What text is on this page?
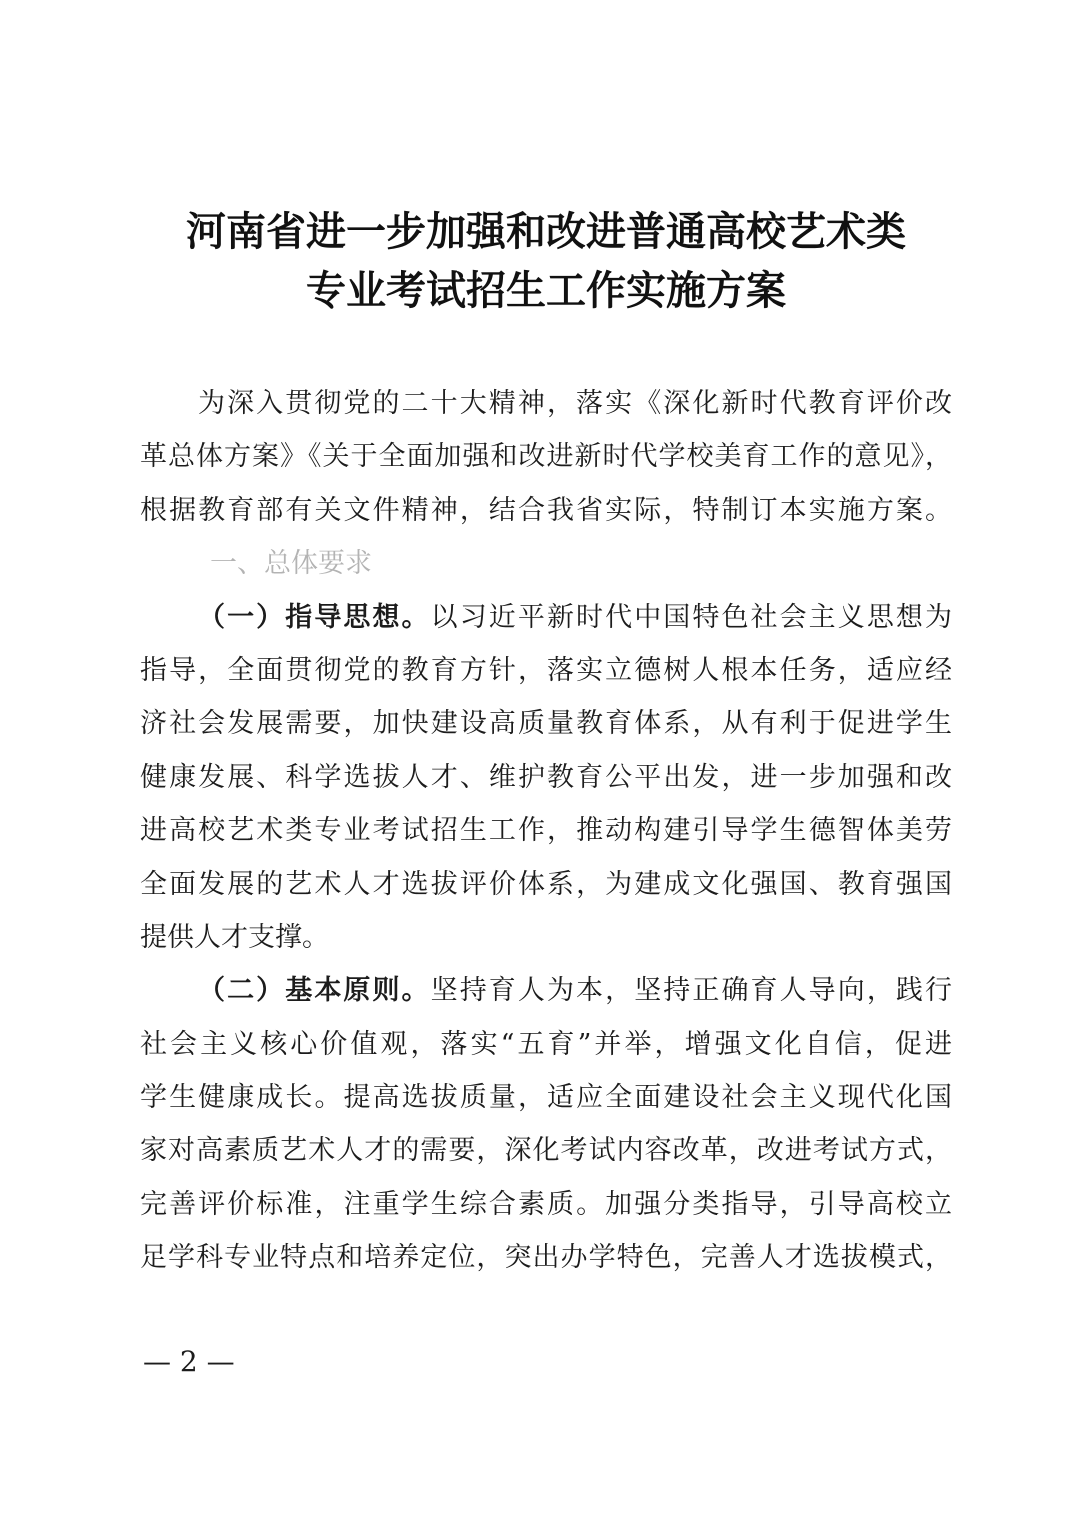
河南省进一步加强和改进普通高校艺术类
专业考试招生工作实施方案
为深入贯彻党的二十大精神，落实《深化新时代教育评价改
革总体方案》《关于全面加强和改进新时代学校美育工作的意见》，
根据教育部有关文件精神，结合我省实际，特制订本实施方案。
一、总体要求
（一）指导思想。以习近平新时代中国特色社会主义思想为
指导，全面贯彻党的教育方针，落实立德树人根本任务，适应经
济社会发展需要，加快建设高质量教育体系，从有利于促进学生
健康发展、科学选拔人才、维护教育公平出发，进一步加强和改
进高校艺术类专业考试招生工作，推动构建引导学生德智体美劳
全面发展的艺术人才选拔评价体系，为建成文化强国、教育强国
提供人才支撑。
（二）基本原则。坚持育人为本，坚持正确育人导向，践行
社会主义核心价值观，落实“五育”并举，增强文化自信，促进
学生健康成长。提高选拔质量，适应全面建设社会主义现代化国
家对高素质艺术人才的需要，深化考试内容改革，改进考试方式，
完善评价标准，注重学生综合素质。加强分类指导，引导高校立
足学科专业特点和培养定位，突出办学特色，完善人才选拔模式，
— 2 —
